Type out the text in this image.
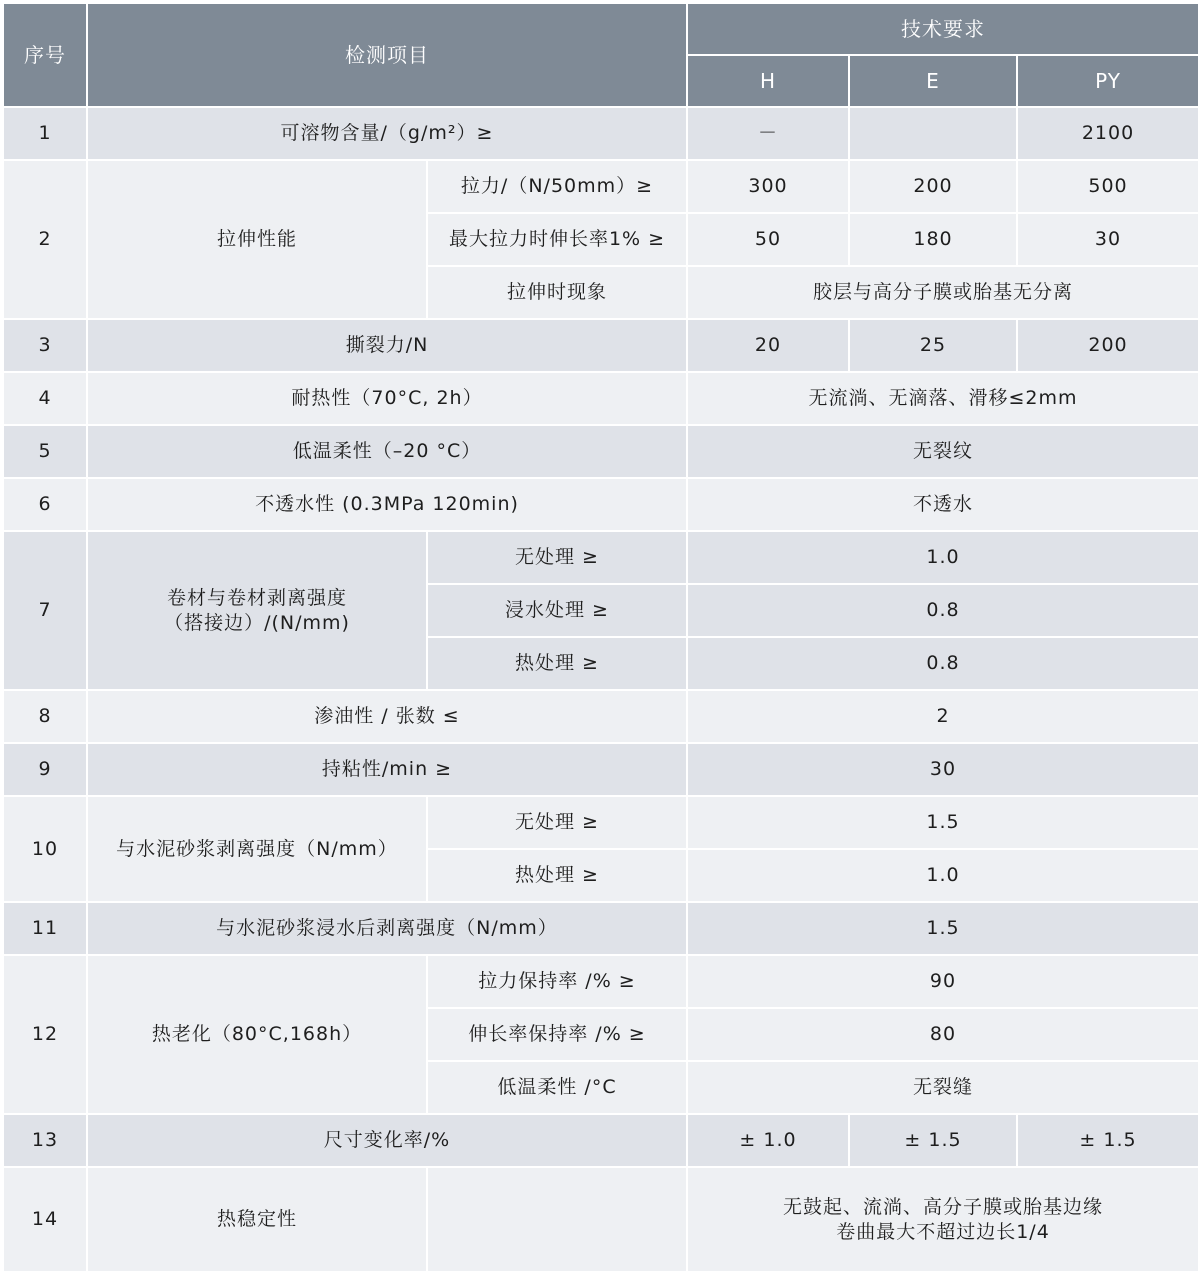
序号	检测项目		技术要求		
			H	E	PY
1	可溶物含量/（g/m²）≥		－		2100
2	拉伸性能	拉力/（N/50mm）≥	300	200	500
		最大拉力时伸长率1% ≥	50	180	30
		拉伸时现象	胶层与高分子膜或胎基无分离		
3	撕裂力/N		20	25	200
4	耐热性（70°C, 2h）		无流淌、无滴落、滑移≤2mm		
5	低温柔性（–20 °C）		无裂纹		
6	不透水性 (0.3MPa 120min)		不透水		
7	卷材与卷材剥离强度
（搭接边）/(N/mm)	无处理 ≥	1.0		
		浸水处理 ≥	0.8		
		热处理 ≥	0.8		
8	渗油性 / 张数 ≤		2		
9	持粘性/min ≥		30		
10	与水泥砂浆剥离强度（N/mm）	无处理 ≥	1.5		
		热处理 ≥	1.0		
11	与水泥砂浆浸水后剥离强度（N/mm）		1.5		
12	热老化（80°C,168h）	拉力保持率 /% ≥	90		
		伸长率保持率 /% ≥	80		
		低温柔性 /°C	无裂缝		
13	尺寸变化率/%		± 1.0	± 1.5	± 1.5
14	热稳定性		无鼓起、流淌、高分子膜或胎基边缘
卷曲最大不超过边长1/4		
